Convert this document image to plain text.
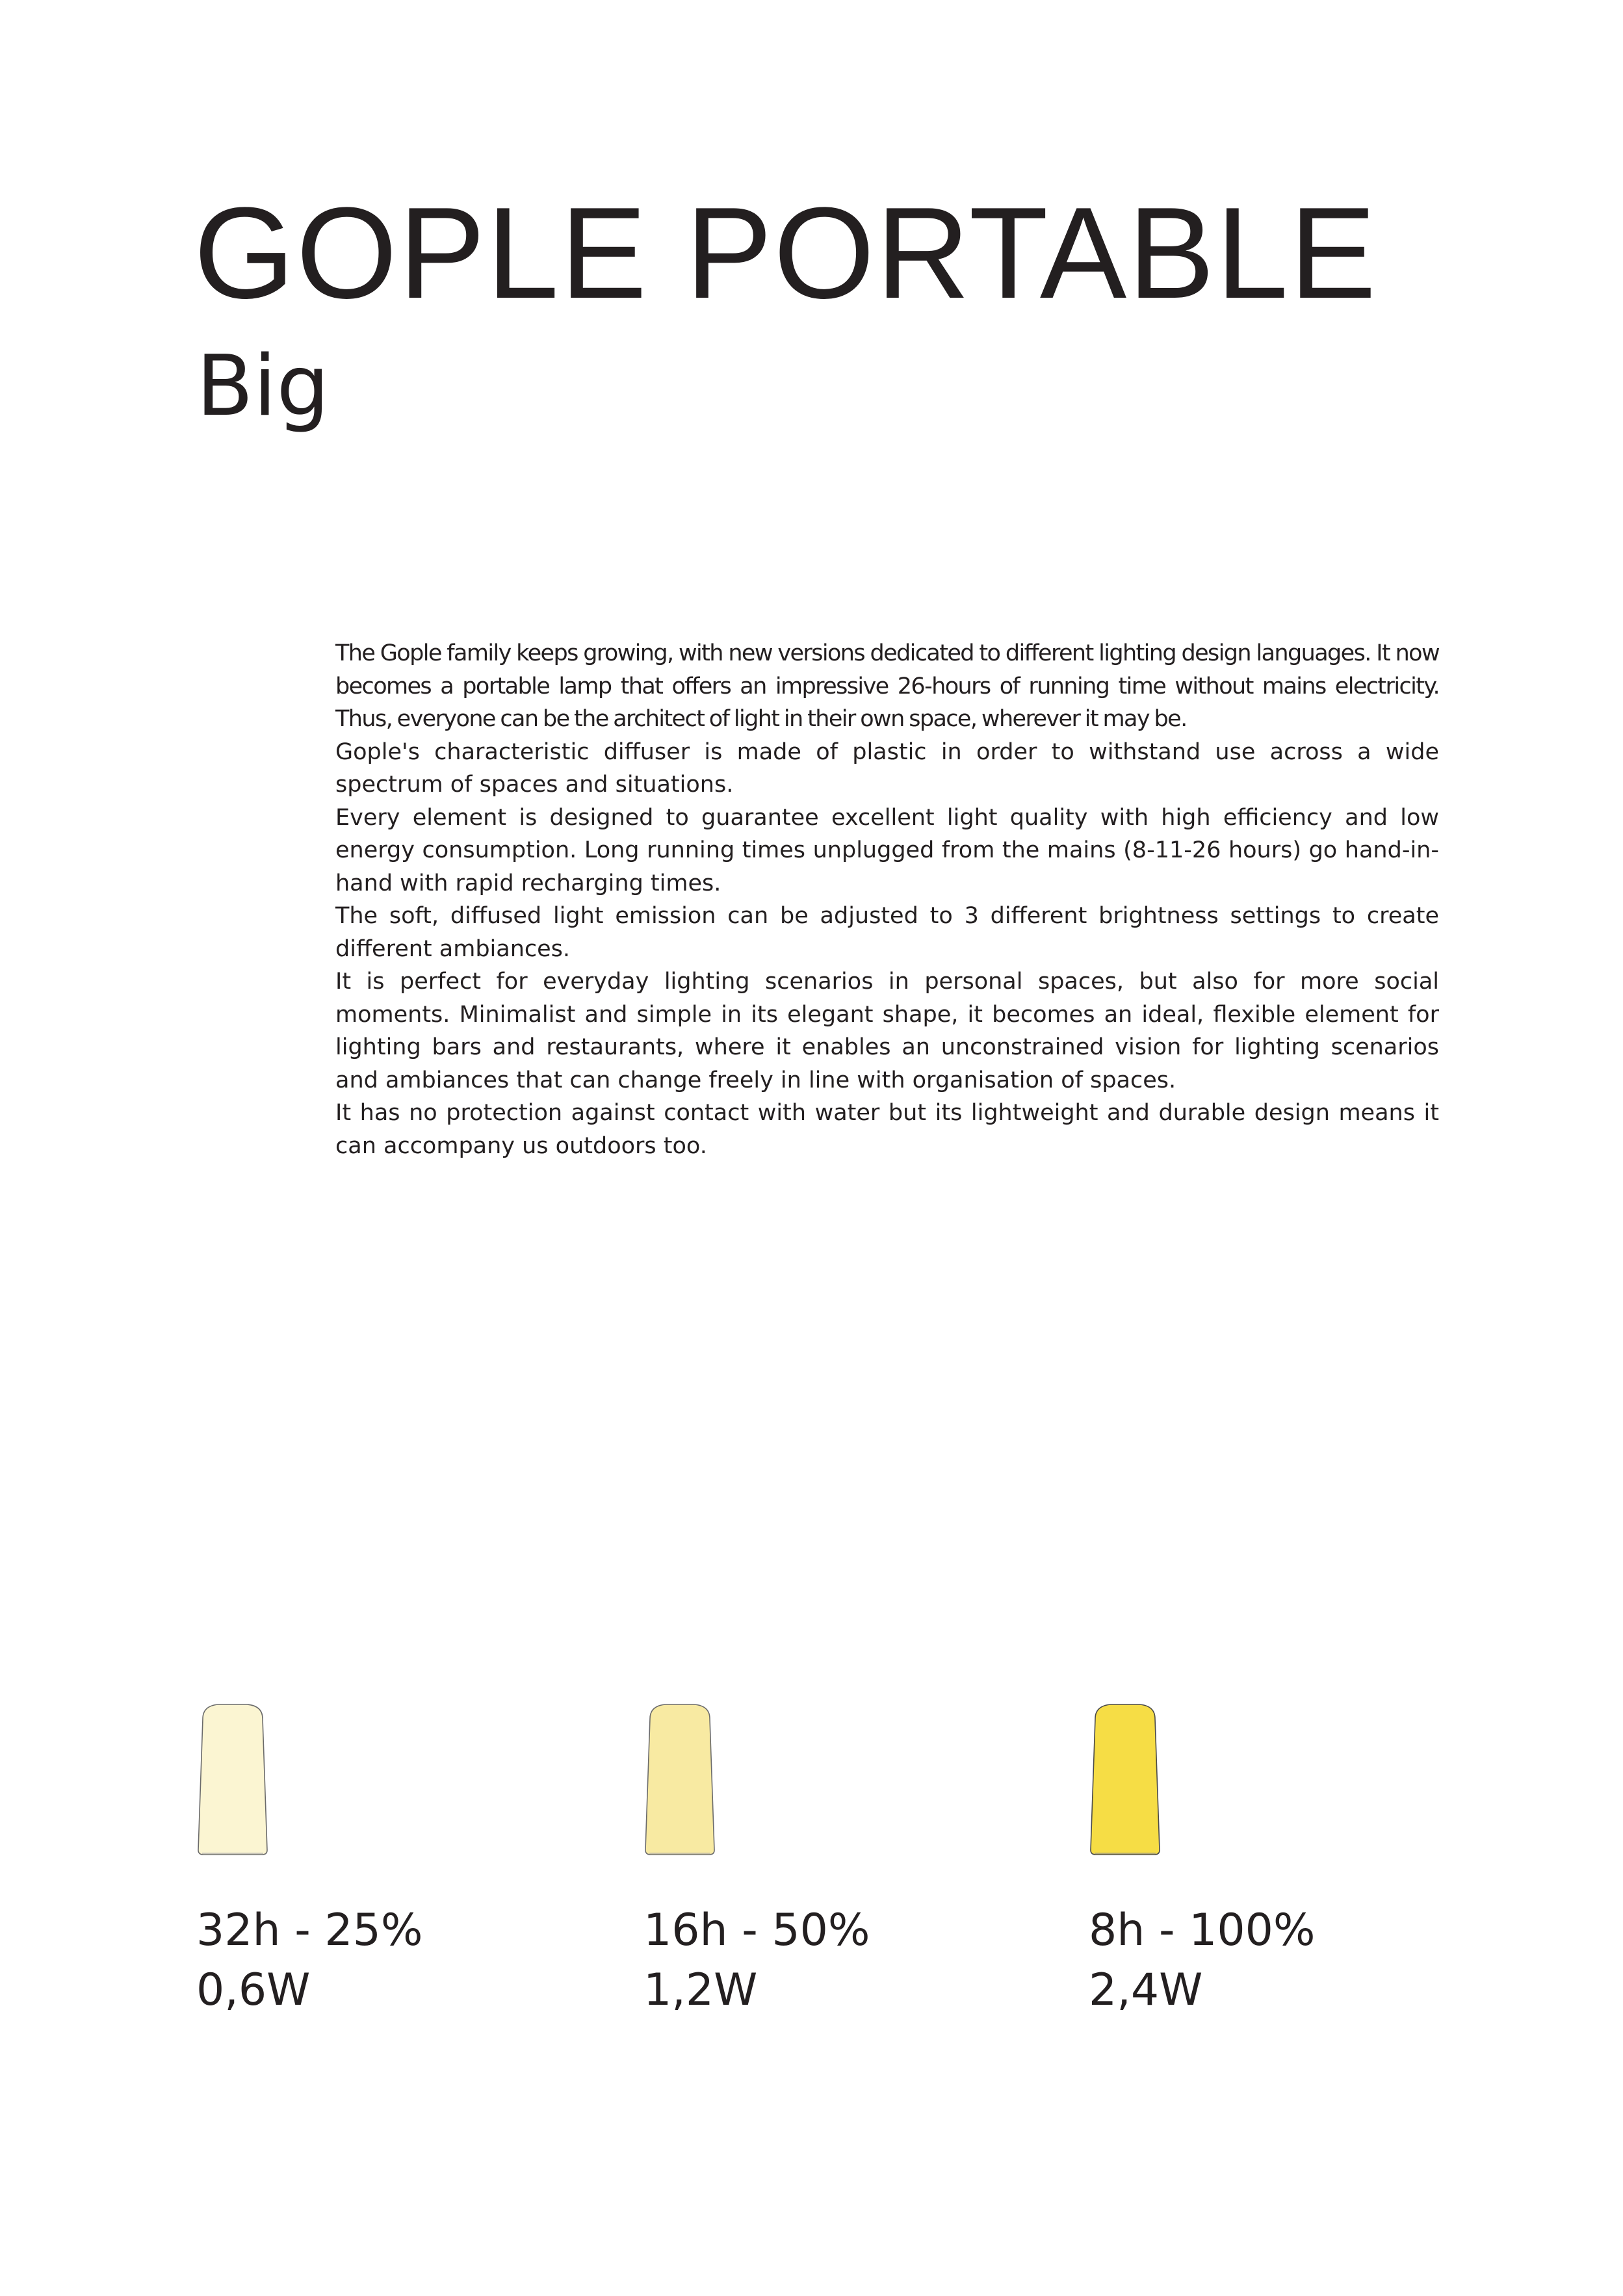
GOPLE PORTABLE
Big

The Gople family keeps growing, with new versions dedicated to different lighting design languages. It now becomes a portable lamp that offers an impressive 26-hours of running time without mains electricity. Thus, everyone can be the architect of light in their own space, wherever it may be.

Gople's characteristic diffuser is made of plastic in order to withstand use across a wide spectrum of spaces and situations.

Every element is designed to guarantee excellent light quality with high efficiency and low energy consumption. Long running times unplugged from the mains (8-11-26 hours) go hand-in-hand with rapid recharging times.

The soft, diffused light emission can be adjusted to 3 different brightness settings to create different ambiances.

It is perfect for everyday lighting scenarios in personal spaces, but also for more social moments. Minimalist and simple in its elegant shape, it becomes an ideal, flexible element for lighting bars and restaurants, where it enables an unconstrained vision for lighting scenarios and ambiances that can change freely in line with organisation of spaces.

It has no protection against contact with water but its lightweight and durable design means it can accompany us outdoors too.

32h - 25%
0,6W
16h - 50%
1,2W
8h - 100%
2,4W
